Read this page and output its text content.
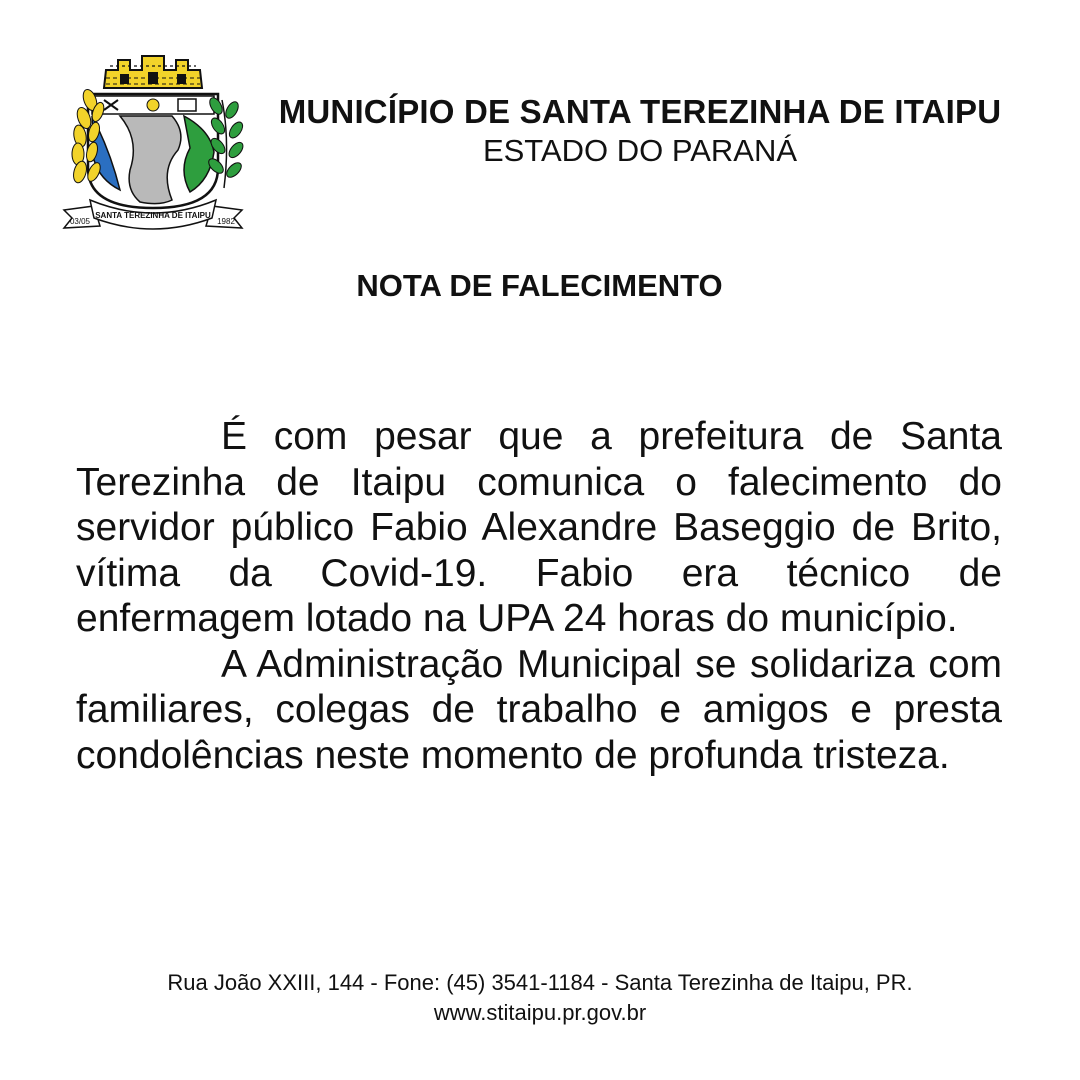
SANTA TEREZINHA DE ITAIPU
03/05	1982
MUNICÍPIO DE SANTA TEREZINHA DE ITAIPU
ESTADO DO PARANÁ
NOTA DE FALECIMENTO

É com pesar que a prefeitura de Santa Terezinha de Itaipu comunica o falecimento do servidor público Fabio Alexandre Baseggio de Brito, vítima da Covid-19. Fabio era técnico de enfermagem lotado na UPA 24 horas do município.

A Administração Municipal se solidariza com familiares, colegas de trabalho e amigos e presta condolências neste momento de profunda tristeza.

Rua João XXIII, 144 - Fone: (45) 3541-1184 - Santa Terezinha de Itaipu, PR.
www.stitaipu.pr.gov.br
